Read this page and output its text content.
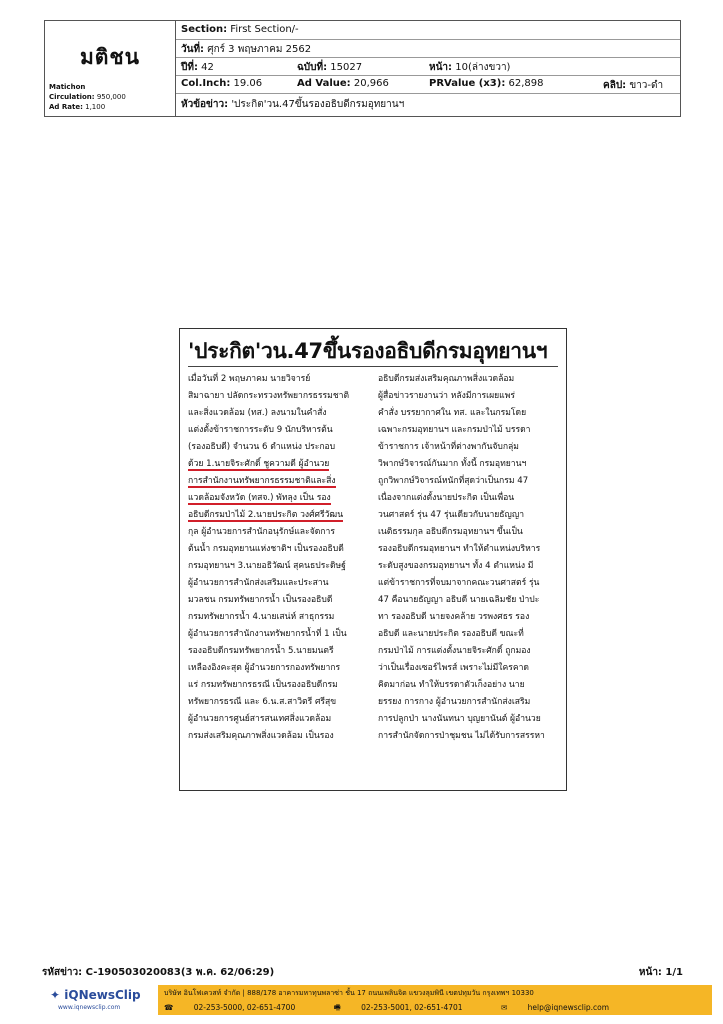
มติชน
Matichon
Circulation: 950,000
Ad Rate: 1,100
Section: First Section/-
วันที่: ศุกร์ 3 พฤษภาคม 2562
ปีที่: 42	ฉบับที่: 15027	หน้า: 10(ล่างขวา)
Col.Inch: 19.06	Ad Value: 20,966	PRValue (x3): 62,898	คลิป: ขาว-ดำ
หัวข้อข่าว: 'ประกิต'วน.47ขึ้นรองอธิบดีกรมอุทยานฯ
'ประกิต'วน.47ขึ้นรองอธิบดีกรมอุทยานฯ
เมื่อวันที่ 2 พฤษภาคม นายวิจารย์
สิมาฉายา ปลัดกระทรวงทรัพยากรธรรมชาติ
และสิ่งแวดล้อม (ทส.) ลงนามในคำสั่ง
แต่งตั้งข้าราชการระดับ 9 นักบริหารต้น
(รองอธิบดี) จำนวน 6 ตำแหน่ง ประกอบ
ด้วย 1.นายจิระศักดิ์ ชูความดี ผู้อำนวย
การสำนักงานทรัพยากรธรรมชาติและสิ่ง
แวดล้อมจังหวัด (ทสจ.) พัทลุง เป็น รอง
อธิบดีกรมป่าไม้ 2.นายประกิต วงศ์ศรีวัฒน
กุล ผู้อำนวยการสำนักอนุรักษ์และจัดการ
ต้นน้ำ กรมอุทยานแห่งชาติฯ เป็นรองอธิบดี
กรมอุทยานฯ 3.นายอธิวัฒน์ สุคนธประดิษฐ์
ผู้อำนวยการสำนักส่งเสริมและประสาน
มวลชน กรมทรัพยากรน้ำ เป็นรองอธิบดี
กรมทรัพยากรน้ำ 4.นายเสน่ห์ สาธุกรรม
ผู้อำนวยการสำนักงานทรัพยากรน้ำที่ 1 เป็น
รองอธิบดีกรมทรัพยากรน้ำ 5.นายมนตรี
เหลืองอิงคะสุต ผู้อำนวยการกองทรัพยากร
แร่ กรมทรัพยากรธรณี เป็นรองอธิบดีกรม
ทรัพยากรธรณี และ 6.น.ส.สาวิตรี ศรีสุข
ผู้อำนวยการศูนย์สารสนเทศสิ่งแวดล้อม
กรมส่งเสริมคุณภาพสิ่งแวดล้อม เป็นรอง
อธิบดีกรมส่งเสริมคุณภาพสิ่งแวดล้อม
ผู้สื่อข่าวรายงานว่า หลังมีการเผยแพร่
คำสั่ง บรรยากาศใน ทส. และในกรมโดย
เฉพาะกรมอุทยานฯ และกรมป่าไม้ บรรดา
ข้าราชการ เจ้าหน้าที่ต่างพากันจับกลุ่ม
วิพากษ์วิจารณ์กันมาก ทั้งนี้ กรมอุทยานฯ
ถูกวิพากษ์วิจารณ์หนักที่สุดว่าเป็นกรม 47
เนื่องจากแต่งตั้งนายประกิต เป็นเพื่อน
วนศาสตร์ รุ่น 47 รุ่นเดียวกับนายธัญญา
เนติธรรมกุล อธิบดีกรมอุทยานฯ ขึ้นเป็น
รองอธิบดีกรมอุทยานฯ ทำให้ตำแหน่งบริหาร
ระดับสูงของกรมอุทยานฯ ทั้ง 4 ตำแหน่ง มี
แต่ข้าราชการที่จบมาจากคณะวนศาสตร์ รุ่น
47 คือนายธัญญา อธิบดี นายเฉลิมชัย ป่าปะ
ทา รองอธิบดี นายจงคล้าย วรพงศธร รอง
อธิบดี และนายประกิต รองอธิบดี ขณะที่
กรมป่าไม้ การแต่งตั้งนายจิระศักดิ์ ถูกมอง
ว่าเป็นเรื่องเซอร์ไพรส์ เพราะไม่มีใครคาด
คิดมาก่อน ทำให้บรรดาตัวเก็งอย่าง นาย
ยรรยง การกาง ผู้อำนวยการสำนักส่งเสริม
การปลูกป่า นางนันทนา บุญยานันต์ ผู้อำนวย
การสำนักจัดการป่าชุมชน ไม่ได้รับการสรรหา
รหัสข่าว: C-190503020083(3 พ.ค. 62/06:29)	หน้า: 1/1
✦ iQNewsClip
www.iqnewsclip.com
บริษัท อินโฟเควสท์ จำกัด | 888/178 อาคารมหาทุนพลาซ่า ชั้น 17 ถนนเพลินจิต แขวงลุมพินี เขตปทุมวัน กรุงเทพฯ 10330
☎	02-253-5000, 02-651-4700	🖷	02-253-5001, 02-651-4701	✉	help@iqnewsclip.com
